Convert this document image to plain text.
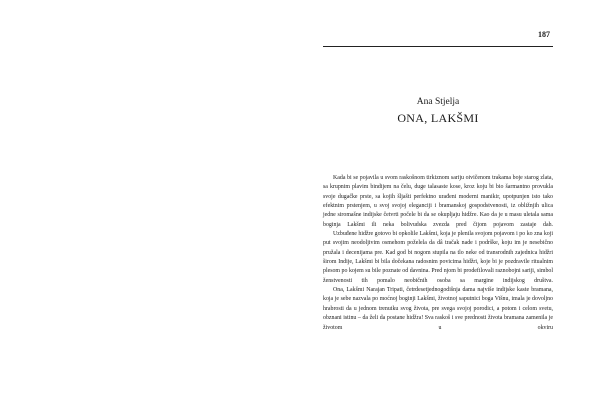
187
Ana Stjelja
ONA, LAKŠMI

Kada bi se pojavila u svom raskošnom tirkiznom sariju oivičenom trakama boje starog zlata, sa krupnim plavim bindijem na čelu, duge talasaste kose, kroz koju bi bio šarmantno provukla svoje dugačke prste, sa kojih šljašti perfektno urađeni moderni manikir, upotpunjen isto tako efektnim prstenjem, u svoj svojoj eleganciji i bramanskoj gospodstvenosti, iz obližnjih ulica jedne siromašne indijske četvrti počele bi da se okupljaju hidžre. Kao da je u masu uletala sama boginja Lakšmi ili neka bolivudska zvezda pred čijom pojavom zastaje dah.

Uzbuđene hidžre gotovo bi opkolile Lakšmi, koja je plenila svojom pojavom i po ko zna koji put svojim neodoljivim osmehom poželela da dâ tračak nade i podrške, koju im je nesebično pružala i decenijama pre. Kad god bi nogom stupila na tlo neke od transrodnih zajednica hidžri širom Indije, Lakšmi bi bila dočekana radosnim povicima hidžri, koje bi je pozdravile ritualnim plesom po kojem su bile poznate od davnina. Pred njom bi prodefilovali raznobojni sariji, simbol ženstvenosti tih pomalo neobičnih osoba sa margine indijskog društva.

Ona, Lakšmi Narajan Tripati, četrdesetjednogodišnja dama najviše indijske kaste bramana, koja je sebe nazvala po moćnoj boginji Lakšmi, životnoj saputnici boga Višnu, imala je dovoljno hrabrosti da u jednom trenutku svog života, pre svega svojoj porodici, a potom i celom svetu, obznani istinu – da želi da postane hidžra! Sva raskoš i sve prednosti života bramana zamenila je životom u okviru
